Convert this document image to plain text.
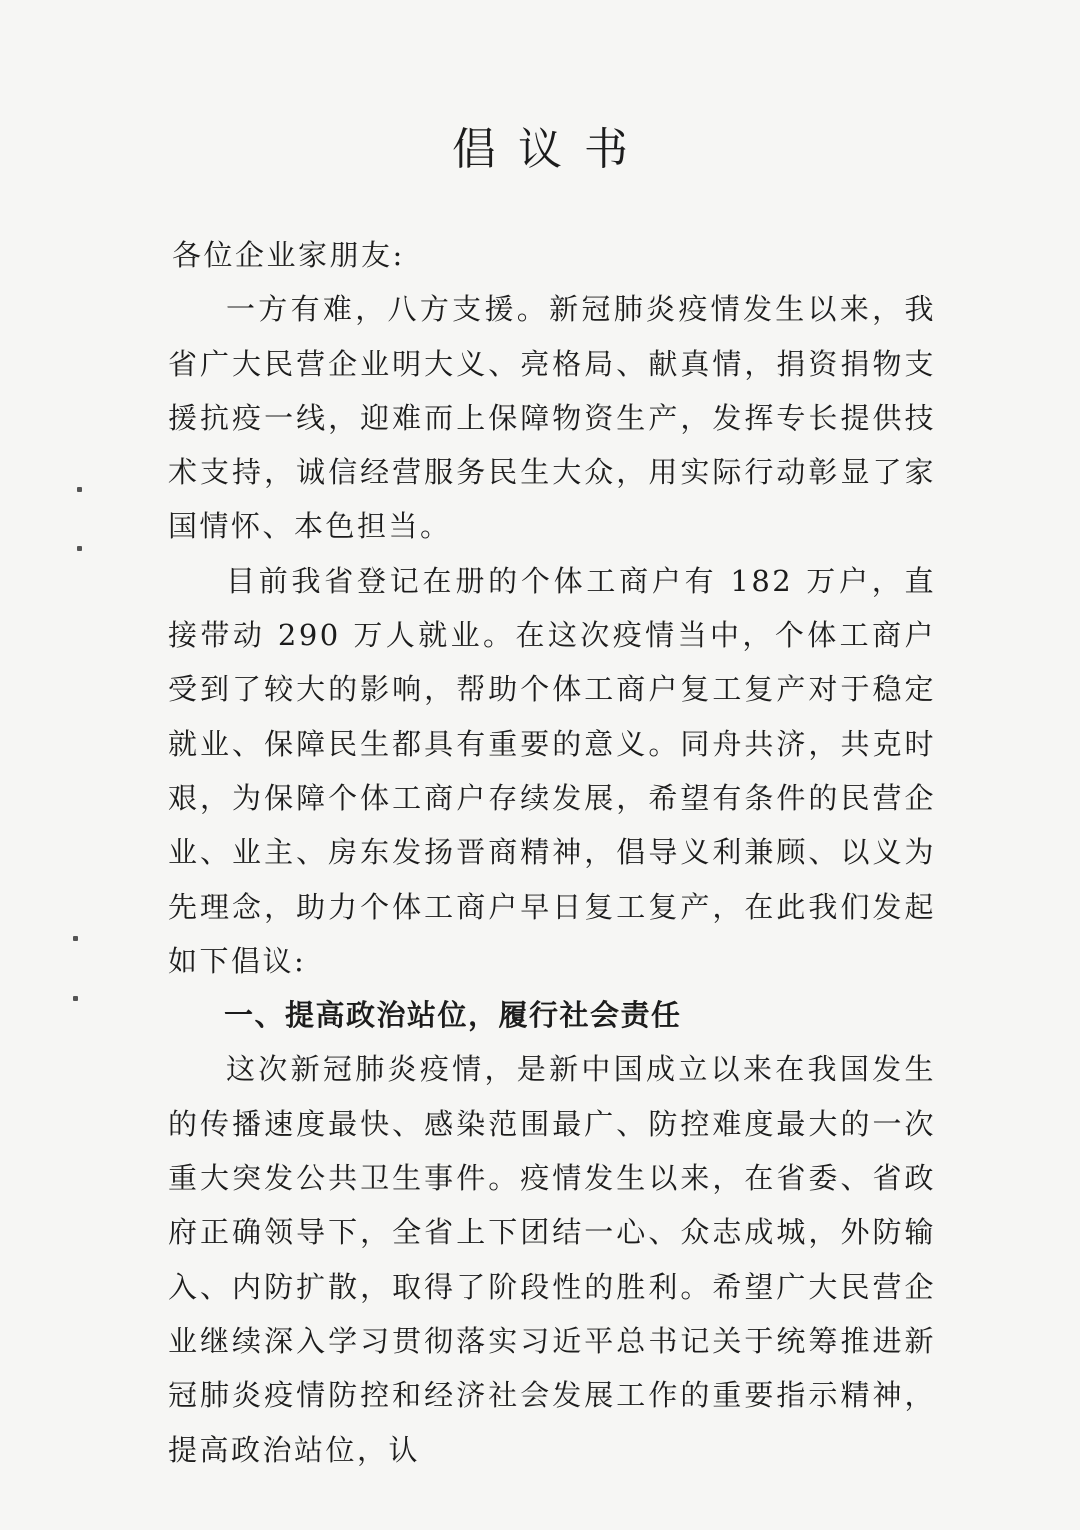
倡议书

各位企业家朋友:

一方有难，八方支援。新冠肺炎疫情发生以来，我省广大民营企业明大义、亮格局、献真情，捐资捐物支援抗疫一线，迎难而上保障物资生产，发挥专长提供技术支持，诚信经营服务民生大众，用实际行动彰显了家国情怀、本色担当。

目前我省登记在册的个体工商户有 182 万户，直接带动 290 万人就业。在这次疫情当中，个体工商户受到了较大的影响，帮助个体工商户复工复产对于稳定就业、保障民生都具有重要的意义。同舟共济，共克时艰，为保障个体工商户存续发展，希望有条件的民营企业、业主、房东发扬晋商精神，倡导义利兼顾、以义为先理念，助力个体工商户早日复工复产，在此我们发起如下倡议:

一、提高政治站位，履行社会责任

这次新冠肺炎疫情，是新中国成立以来在我国发生的传播速度最快、感染范围最广、防控难度最大的一次重大突发公共卫生事件。疫情发生以来，在省委、省政府正确领导下，全省上下团结一心、众志成城，外防输入、内防扩散，取得了阶段性的胜利。希望广大民营企业继续深入学习贯彻落实习近平总书记关于统筹推进新冠肺炎疫情防控和经济社会发展工作的重要指示精神，提高政治站位，认
